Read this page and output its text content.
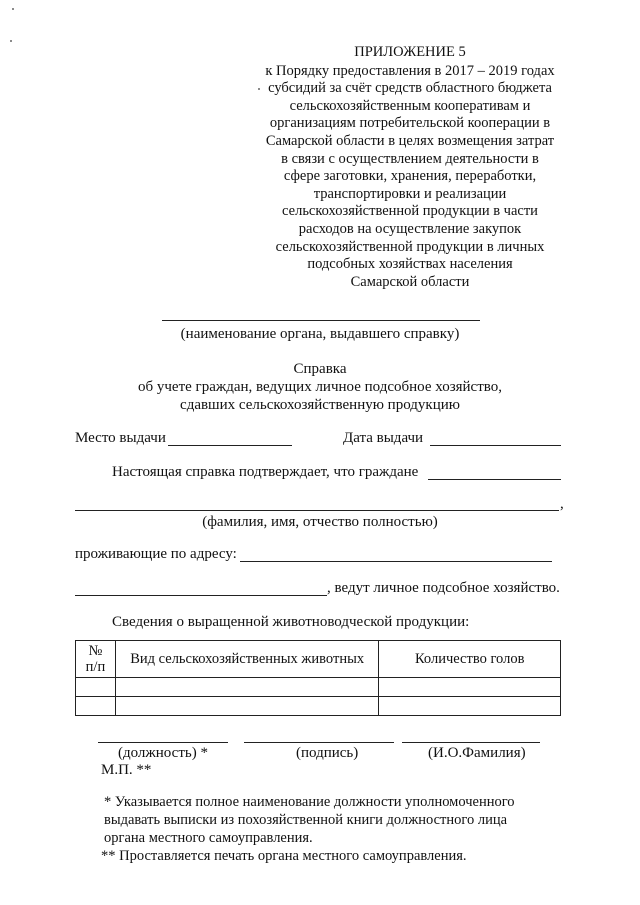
ПРИЛОЖЕНИЕ 5
к Порядку предоставления в 2017 – 2019 годах
субсидий за счёт средств областного бюджета
сельскохозяйственным кооперативам и
организациям потребительской кооперации в
Самарской области в целях возмещения затрат
в связи с осуществлением деятельности в
сфере заготовки, хранения, переработки,
транспортировки и реализации
сельскохозяйственной продукции в части
расходов на осуществление закупок
сельскохозяйственной продукции в личных
подсобных хозяйствах населения
Самарской области
(наименование органа, выдавшего справку)
Справка
об учете граждан, ведущих личное подсобное хозяйство,
сдавших сельскохозяйственную продукцию
Место выдачи	Дата выдачи
Настоящая справка подтверждает, что граждане
,
(фамилия, имя, отчество полностью)
проживающие по адресу:
, ведут личное подсобное хозяйство.
Сведения о выращенной животноводческой продукции:
№
п/п	Вид сельскохозяйственных животных	Количество голов

(должность) *	(подпись)	(И.О.Фамилия)
М.П. **
* Указывается полное наименование должности уполномоченного
выдавать выписки из похозяйственной книги должностного лица
органа местного самоуправления.
** Проставляется печать органа местного самоуправления.
